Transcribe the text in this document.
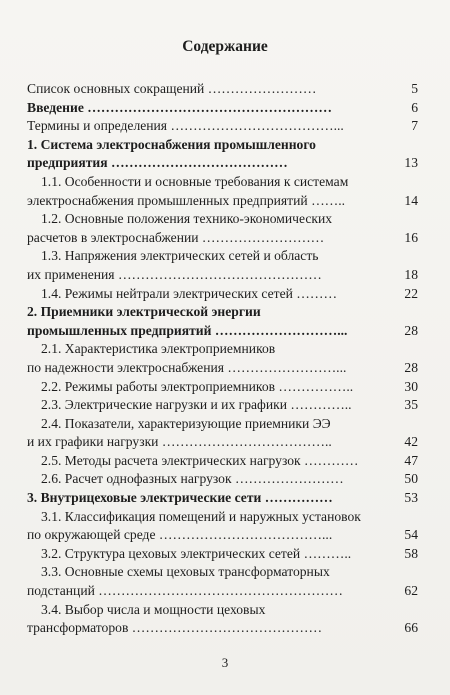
Содержание
Список основных сокращений ……………………	5
Введение ………………………………………………	6
Термины и определения ………………………………...	7
1. Система электроснабжения промышленного
предприятия …………………………………	13
1.1. Особенности и основные требования к системам
электроснабжения промышленных предприятий ……..	14
1.2. Основные положения технико-экономических
расчетов в электроснабжении ………………………	16
1.3. Напряжения электрических сетей и область
их применения ………………………………………	18
1.4. Режимы нейтрали электрических сетей ………	22
2. Приемники электрической энергии
промышленных предприятий ………………………...	28
2.1. Характеристика электроприемников
по надежности электроснабжения ……………………...	28
2.2. Режимы работы электроприемников ……………..	30
2.3. Электрические нагрузки и их графики …………..	35
2.4. Показатели, характеризующие приемники ЭЭ
и их графики нагрузки ………………………………..	42
2.5. Методы расчета электрических нагрузок …………	47
2.6. Расчет однофазных нагрузок ……………………	50
3. Внутрицеховые электрические сети ……………	53
3.1. Классификация помещений и наружных установок
по окружающей среде ………………………………...	54
3.2. Структура цеховых электрических сетей ………..	58
3.3. Основные схемы цеховых трансформаторных
подстанций ………………………………………………	62
3.4. Выбор числа и мощности цеховых
трансформаторов ……………………………………	66
3
